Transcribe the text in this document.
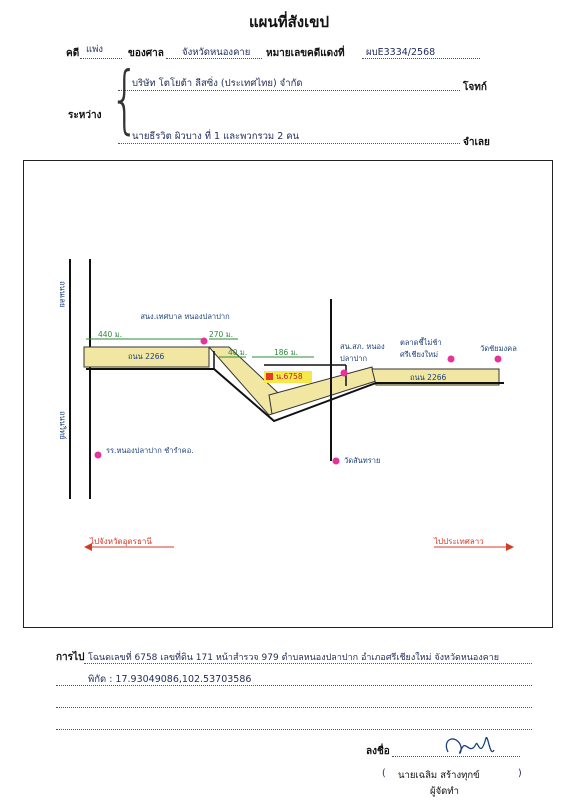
แผนที่สังเขป
คดี แพ่ง ของศาล จังหวัดหนองคาย หมายเลขคดีแดงที่ ผบE3334/2568
บริษัท โตโยต้า ลีสซิ่ง (ประเทศไทย) จำกัด	โจทก์
ระหว่าง {
นายธีรวิต ผิวบาง ที่ 1 และพวกรวม 2 คน
จำเลย
ถนนเลย
ถนนวิทย์
ถนน 2266
ถนน 2266
440 ม.	270 ม.
40 ม.	186 ม.
สนง.เทศบาล หนองปลาปาก
รร.หนองปลาปาก ชำรำคอ.
สน.สภ. หนองปลาปาก
ตลาดชี้ไม่ช้า ศรีเชียงใหม่
วัดชัยมงคล
วัดสันทราย
น.6758
ไปจังหวัดอุดรธานี	ไปประเทศลาว
การไป โฉนดเลขที่ 6758 เลขที่ดิน 171 หน้าสำรวจ 979 ตำบลหนองปลาปาก อำเภอศรีเชียงใหม่ จังหวัดหนองคาย
พิกัด : 17.93049086,102.53703586
ลงชื่อ
( นายเฉลิม สร้างทุกข์	)
ผู้จัดทำ
